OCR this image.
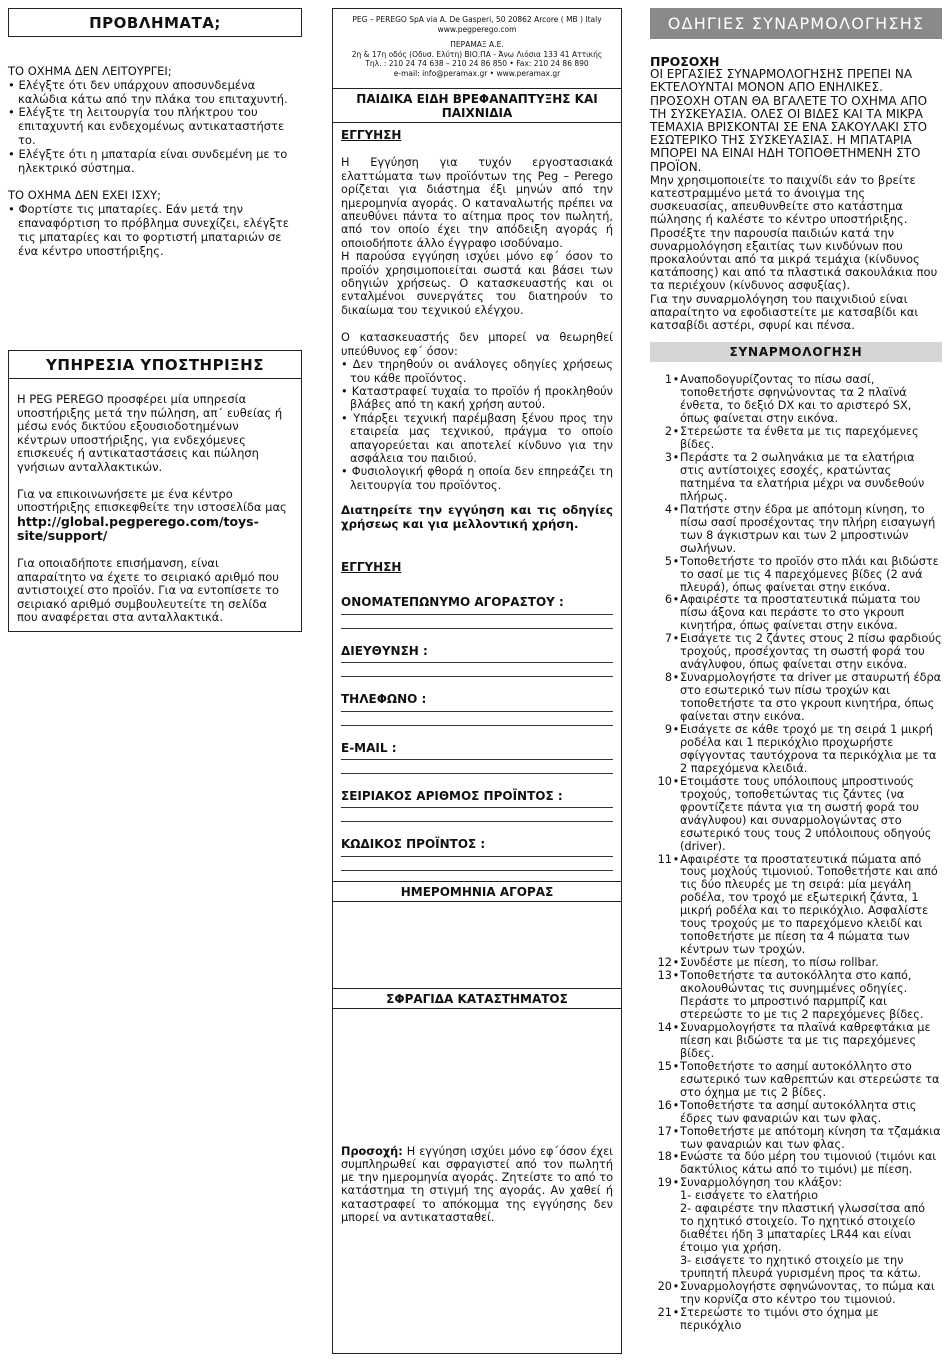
ΠΡΟΒΛΗΜΑΤΑ;
ΤΟ ΟΧΗΜΑ ΔΕΝ ΛΕΙΤΟΥΡΓΕΙ;
• Ελέγξτε ότι δεν υπάρχουν αποσυνδεμένα καλώδια κάτω από την πλάκα του επιταχυντή.
• Ελέγξτε τη λειτουργία του πλήκτρου του επιταχυντή και ενδεχομένως αντικαταστήστε το.
• Ελέγξτε ότι η μπαταρία είναι συνδεμένη με το ηλεκτρικό σύστημα.
ΤΟ ΟΧΗΜΑ ΔΕΝ ΕΧΕΙ ΙΣΧΥ;
• Φορτίστε τις μπαταρίες. Εάν μετά την επαναφόρτιση το πρόβλημα συνεχίζει, ελέγξτε τις μπαταρίες και το φορτιστή μπαταριών σε ένα κέντρο υποστήριξης.
ΥΠΗΡΕΣΙΑ ΥΠΟΣΤΗΡΙΞΗΣ

Η PEG PEREGO προσφέρει μία υπηρεσία υποστήριξης μετά την πώληση, απ΄ ευθείας ή μέσω ενός δικτύου εξουσιοδοτημένων κέντρων υποστήριξης, για ενδεχόμενες επισκευές ή αντικαταστάσεις και πώληση γνήσιων ανταλλακτικών.

Για να επικοινωνήσετε με ένα κέντρο υποστήριξης επισκεφθείτε την ιστοσελίδα μας
http://global.pegperego.com/toys-site/support/

Για οποιαδήποτε επισήμανση, είναι απαραίτητο να έχετε το σειριακό αριθμό που αντιστοιχεί στο προϊόν. Για να εντοπίσετε το σειριακό αριθμό συμβουλευτείτε τη σελίδα που αναφέρεται στα ανταλλακτικά.

PEG – PEREGO SpA via A. De Gasperi, 50 20862 Arcore ( MB ) Italy
www.pegperego.com
ΠΕΡΑΜΑΞ Α.Ε.
2η & 17η οδός (Οδυσ. Ελύτη) ΒΙΟ.ΠΑ - Άνω Λιόσια 133 41 Αττικής
Τηλ. : 210 24 74 638 – 210 24 86 850 • Fax: 210 24 86 890
e-mail: info@peramax.gr • www.peramax.gr
ΠΑΙΔΙΚΑ ΕΙΔΗ ΒΡΕΦΑΝΑΠΤΥΞΗΣ ΚΑΙ ΠΑΙΧΝΙΔΙΑ
ΕΓΓΥΗΣΗ

Η Εγγύηση για τυχόν εργοστασιακά ελαττώματα των προϊόντων της Peg – Perego ορίζεται για διάστημα έξι μηνών από την ημερομηνία αγοράς. Ο καταναλωτής πρέπει να απευθύνει πάντα το αίτημα προς τον πωλητή, από τον οποίο έχει την απόδειξη αγοράς ή οποιοδήποτε άλλο έγγραφο ισοδύναμο.

Η παρούσα εγγύηση ισχύει μόνο εφ΄ όσον το προϊόν χρησιμοποιείται σωστά και βάσει των οδηγιών χρήσεως. Ο κατασκευαστής και οι ενταλμένοι συνεργάτες του διατηρούν το δικαίωμα του τεχνικού ελέγχου.

Ο κατασκευαστής δεν μπορεί να θεωρηθεί υπεύθυνος εφ΄ όσον:

• Δεν τηρηθούν οι ανάλογες οδηγίες χρήσεως του κάθε προϊόντος.
• Καταστραφεί τυχαία το προϊόν ή προκληθούν βλάβες από τη κακή χρήση αυτού.
• Υπάρξει τεχνική παρέμβαση ξένου προς την εταιρεία μας τεχνικού, πράγμα το οποίο απαγορεύεται και αποτελεί κίνδυνο για την ασφάλεια του παιδιού.
• Φυσιολογική φθορά η οποία δεν επηρεάζει τη λειτουργία του προϊόντος.

Διατηρείτε την εγγύηση και τις οδηγίες χρήσεως και για μελλοντική χρήση.

ΕΓΓΥΗΣΗ
ΟΝΟΜΑΤΕΠΩΝΥΜΟ ΑΓΟΡΑΣΤΟΥ :
ΔΙΕΥΘΥΝΣΗ :
ΤΗΛΕΦΩΝΟ :
E-MAIL :
ΣΕΙΡΙΑΚΟΣ ΑΡΙΘΜΟΣ ΠΡΟΪΝΤΟΣ :
ΚΩΔΙΚΟΣ ΠΡΟΪΝΤΟΣ :
ΗΜΕΡΟΜΗΝΙΑ ΑΓΟΡΑΣ
ΣΦΡΑΓΙΔΑ ΚΑΤΑΣΤΗΜΑΤΟΣ
Προσοχή: Η εγγύηση ισχύει μόνο εφ΄όσον έχει συμπληρωθεί και σφραγιστεί από τον πωλητή με την ημερομηνία αγοράς. Ζητείστε το από το κατάστημα τη στιγμή της αγοράς. Αν χαθεί ή καταστραφεί το απόκομμα της εγγύησης δεν μπορεί να αντικατασταθεί.
ΟΔΗΓΙΕΣ ΣΥΝΑΡΜΟΛΟΓΗΣΗΣ
ΠΡΟΣΟΧΗ
ΟΙ ΕΡΓΑΣΙΕΣ ΣΥΝΑΡΜΟΛΟΓΗΣΗΣ ΠΡΕΠΕΙ ΝΑ ΕΚΤΕΛΟΥΝΤΑΙ ΜΟΝΟΝ ΑΠΟ ΕΝΗΛΙΚΕΣ. ΠΡΟΣΟΧΗ ΟΤΑΝ ΘΑ ΒΓΑΛΕΤΕ ΤΟ ΟΧΗΜΑ ΑΠΟ ΤΗ ΣΥΣΚΕΥΑΣΙΑ. ΟΛΕΣ ΟΙ ΒΙΔΕΣ ΚΑΙ ΤΑ ΜΙΚΡΑ ΤΕΜΑΧΙΑ ΒΡΙΣΚΟΝΤΑΙ ΣΕ ΕΝΑ ΣΑΚΟΥΛΑΚΙ ΣΤΟ ΕΣΩΤΕΡΙΚΟ ΤΗΣ ΣΥΣΚΕΥΑΣΙΑΣ. Η ΜΠΑΤΑΡΙΑ ΜΠΟΡΕΙ ΝΑ ΕΙΝΑΙ ΗΔΗ ΤΟΠΟΘΕΤΗΜΕΝΗ ΣΤΟ ΠΡΟΪΟΝ.
Μην χρησιμοποιείτε το παιχνίδι εάν το βρείτε κατεστραμμένο μετά το άνοιγμα της συσκευασίας, απευθυνθείτε στο κατάστημα πώλησης ή καλέστε το κέντρο υποστήριξης.
Προσέξτε την παρουσία παιδιών κατά την συναρμολόγηση εξαιτίας των κινδύνων που προκαλούνται από τα μικρά τεμάχια (κίνδυνος κατάποσης) και από τα πλαστικά σακουλάκια που τα περιέχουν (κίνδυνος ασφυξίας).
Για την συναρμολόγηση του παιχνιδιού είναι απαραίτητο να εφοδιαστείτε με κατσαβίδι και κατσαβίδι αστέρι, σφυρί και πένσα.
ΣΥΝΑΡΜΟΛΟΓΗΣΗ
1 • Αναποδογυρίζοντας το πίσω σασί, τοποθετήστε σφηνώνοντας τα 2 πλαϊνά ένθετα, το δεξιό DX και το αριστερό SX, όπως φαίνεται στην εικόνα.
2 • Στερεώστε τα ένθετα με τις παρεχόμενες βίδες.
3 • Περάστε τα 2 σωληνάκια με τα ελατήρια στις αντίστοιχες εσοχές, κρατώντας πατημένα τα ελατήρια μέχρι να συνδεθούν πλήρως.
4 • Πατήστε στην έδρα με απότομη κίνηση, το πίσω σασί προσέχοντας την πλήρη εισαγωγή των 8 άγκιστρων και των 2 μπροστινών σωλήνων.
5 • Τοποθετήστε το προϊόν στο πλάι και βιδώστε το σασί με τις 4 παρεχόμενες βίδες (2 ανά πλευρά), όπως φαίνεται στην εικόνα.
6 • Αφαιρέστε τα προστατευτικά πώματα του πίσω άξονα και περάστε το στο γκρουπ κινητήρα, όπως φαίνεται στην εικόνα.
7 • Εισάγετε τις 2 ζάντες στους 2 πίσω φαρδιούς τροχούς, προσέχοντας τη σωστή φορά του ανάγλυφου, όπως φαίνεται στην εικόνα.
8 • Συναρμολογήστε τα driver με σταυρωτή έδρα στο εσωτερικό των πίσω τροχών και τοποθετήστε τα στο γκρουπ κινητήρα, όπως φαίνεται στην εικόνα.
9 • Εισάγετε σε κάθε τροχό με τη σειρά 1 μικρή ροδέλα και 1 περικόχλιο προχωρήστε σφίγγοντας ταυτόχρονα τα περικόχλια με τα 2 παρεχόμενα κλειδιά.
10 • Ετοιμάστε τους υπόλοιπους μπροστινούς τροχούς, τοποθετώντας τις ζάντες (να φροντίζετε πάντα για τη σωστή φορά του ανάγλυφου) και συναρμολογώντας στο εσωτερικό τους τους 2 υπόλοιπους οδηγούς (driver).
11 • Αφαιρέστε τα προστατευτικά πώματα από τους μοχλούς τιμονιού. Τοποθετήστε και από τις δύο πλευρές με τη σειρά: μία μεγάλη ροδέλα, τον τροχό με εξωτερική ζάντα, 1 μικρή ροδέλα και το περικόχλιο. Ασφαλίστε τους τροχούς με το παρεχόμενο κλειδί και τοποθετήστε με πίεση τα 4 πώματα των κέντρων των τροχών.
12 • Συνδέστε με πίεση, το πίσω rollbar.
13 • Τοποθετήστε τα αυτοκόλλητα στο καπό, ακολουθώντας τις συνημμένες οδηγίες. Περάστε το μπροστινό παρμπρίζ και στερεώστε το με τις 2 παρεχόμενες βίδες.
14 • Συναρμολογήστε τα πλαϊνά καθρεφτάκια με πίεση και βιδώστε τα με τις παρεχόμενες βίδες.
15 • Τοποθετήστε το ασημί αυτοκόλλητο στο εσωτερικό των καθρεπτών και στερεώστε τα στο όχημα με τις 2 βίδες.
16 • Τοποθετήστε τα ασημί αυτοκόλλητα στις έδρες των φαναριών και των φλας.
17 • Τοποθετήστε με απότομη κίνηση τα τζαμάκια των φαναριών και των φλας.
18 • Ενώστε τα δύο μέρη του τιμονιού (τιμόνι και δακτύλιος κάτω από το τιμόνι) με πίεση.
19 • Συναρμολόγηση του κλάξον:
1- εισάγετε το ελατήριο
2- αφαιρέστε την πλαστική γλωσσίτσα από το ηχητικό στοιχείο. Το ηχητικό στοιχείο διαθέτει ήδη 3 μπαταρίες LR44 και είναι έτοιμο για χρήση.
3- εισάγετε το ηχητικό στοιχείο με την τρυπητή πλευρά γυρισμένη προς τα κάτω.
20 • Συναρμολογήστε σφηνώνοντας, το πώμα και την κορνίζα στο κέντρο του τιμονιού.
21 • Στερεώστε το τιμόνι στο όχημα με περικόχλιο
